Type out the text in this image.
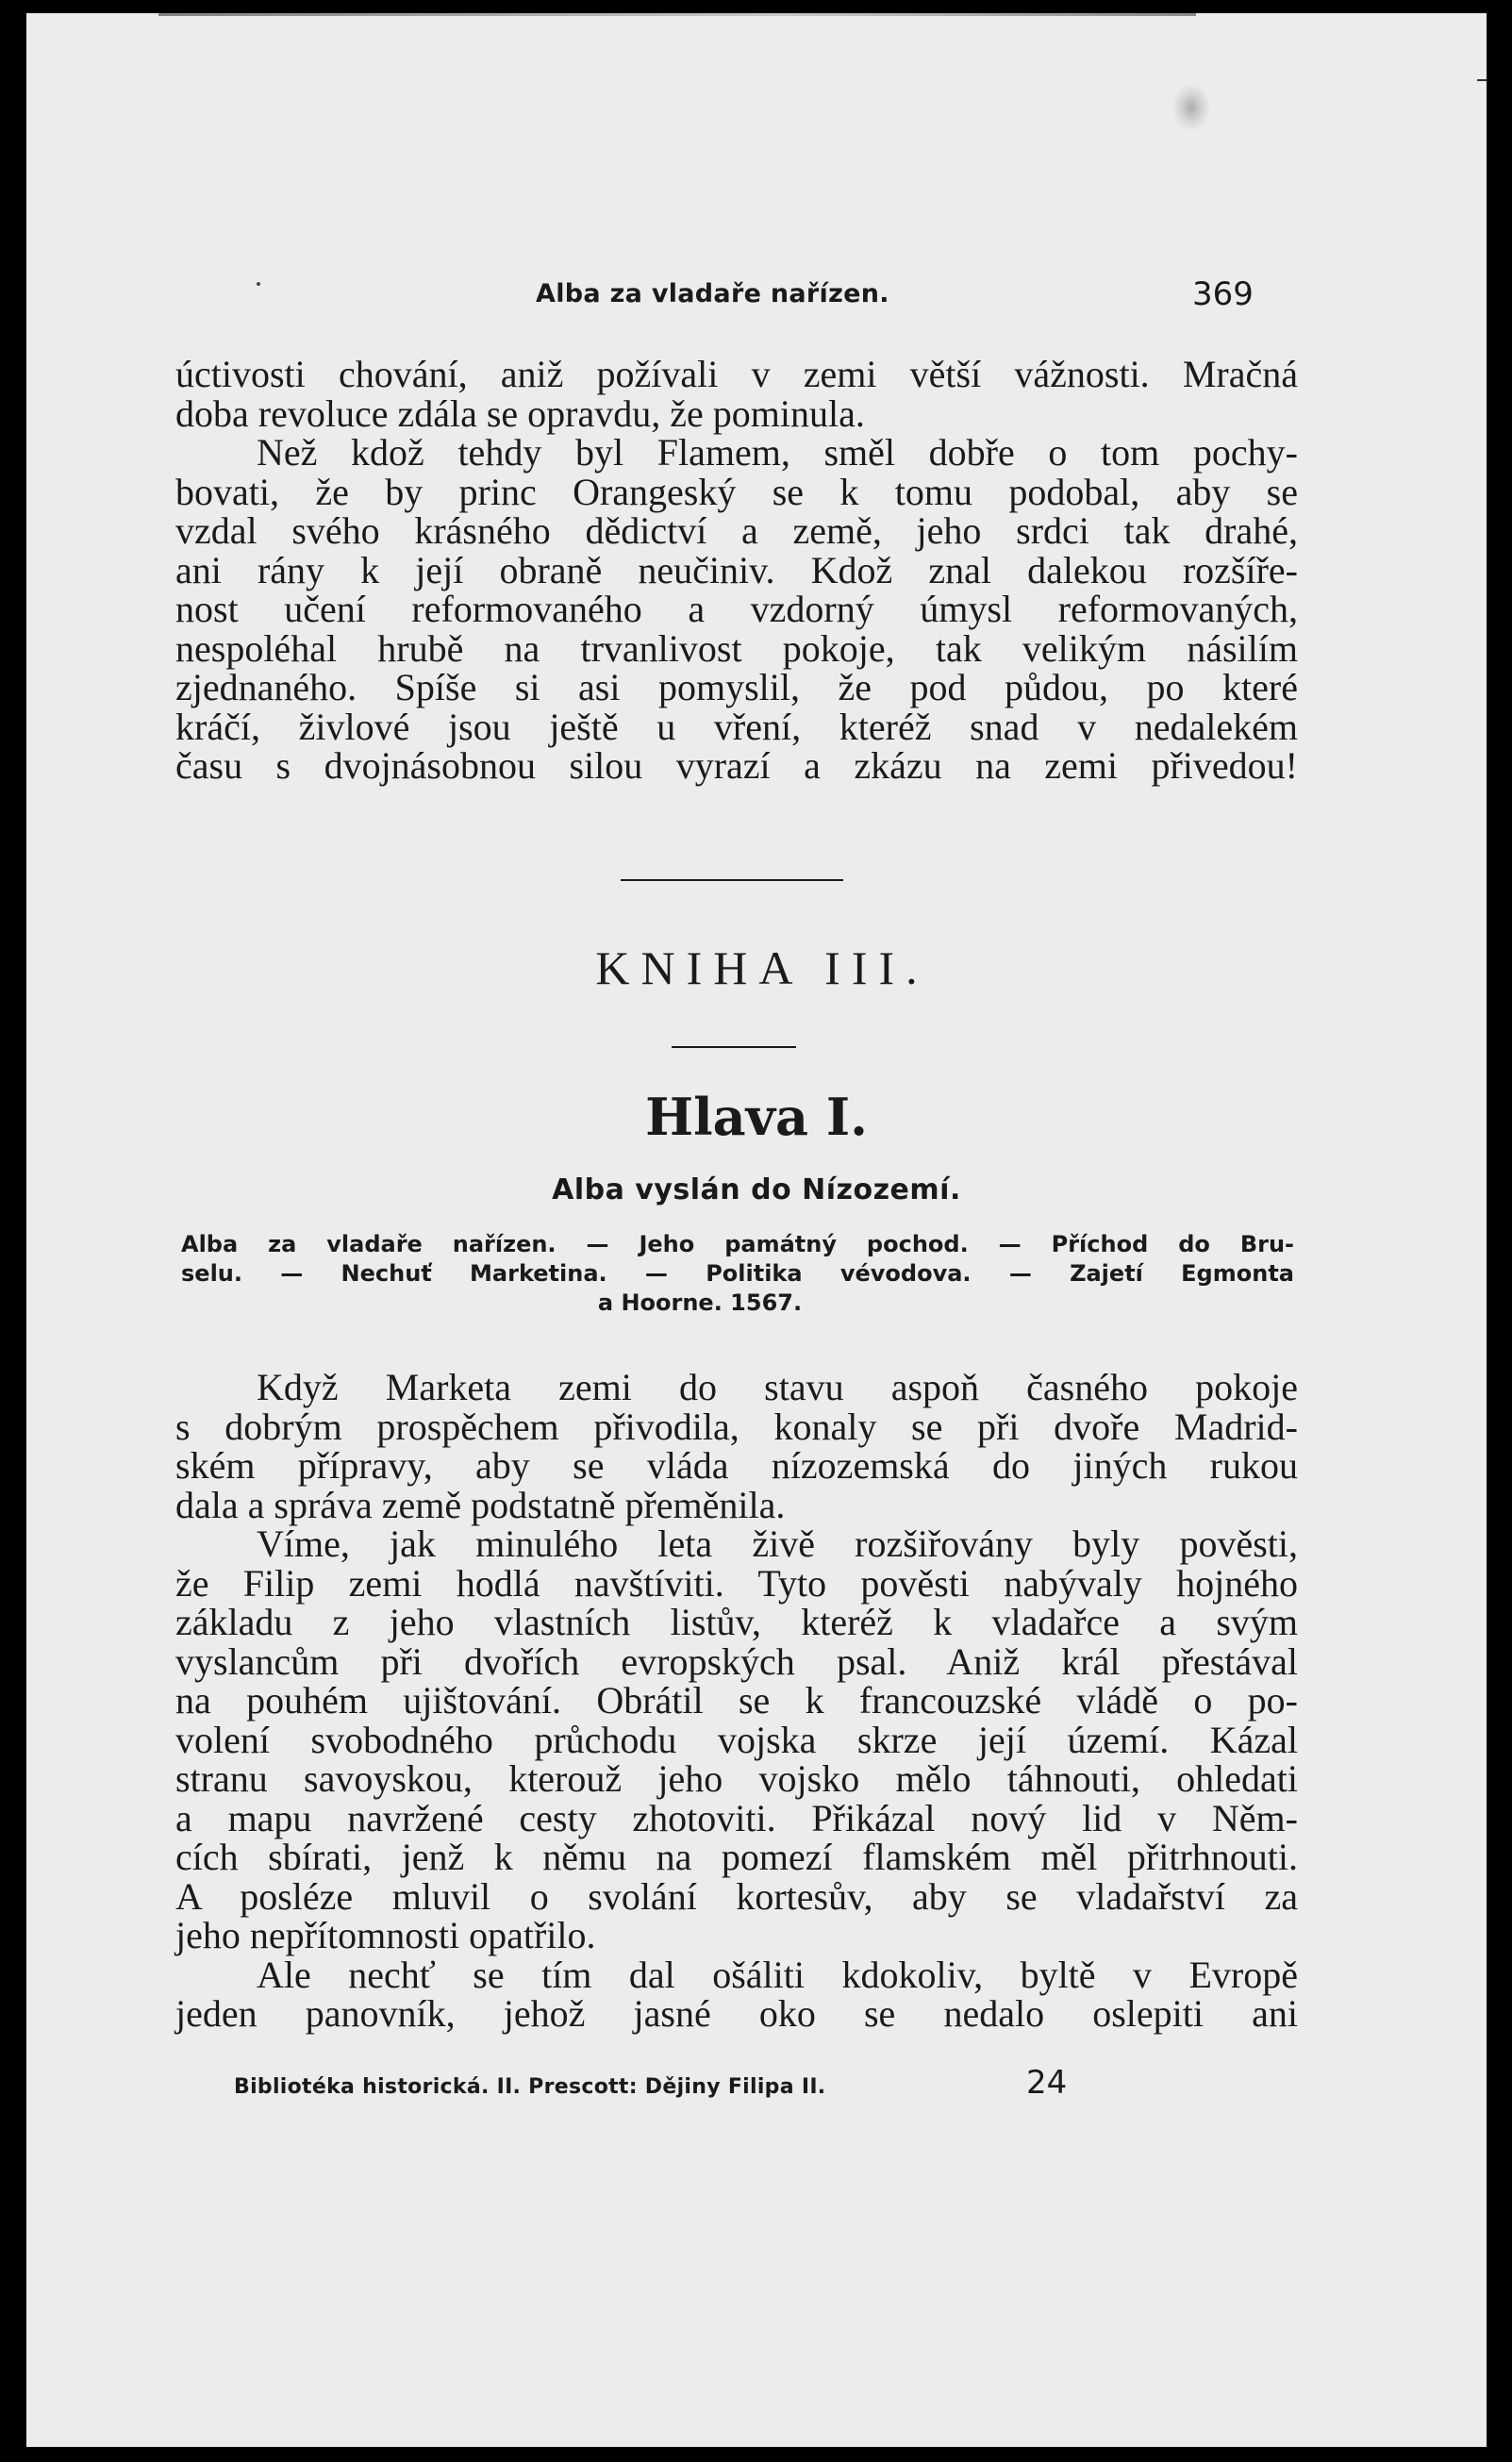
Alba za vladaře nařízen.	369

úctivosti chování, aniž požívali v zemi větší vážnosti. Mračná
doba revoluce zdála se opravdu, že pominula.

Než kdož tehdy byl Flamem, směl dobře o tom pochy-
bovati, že by princ Orangeský se k tomu podobal, aby se
vzdal svého krásného dědictví a země, jeho srdci tak drahé,
ani rány k její obraně neučiniv. Kdož znal dalekou rozšíře-
nost učení reformovaného a vzdorný úmysl reformovaných,
nespoléhal hrubě na trvanlivost pokoje, tak velikým násilím
zjednaného. Spíše si asi pomyslil, že pod půdou, po které
kráčí, živlové jsou ještě u vření, kteréž snad v nedalekém
času s dvojnásobnou silou vyrazí a zkázu na zemi přivedou!

KNIHA III.
Hlava I.
Alba vyslán do Nízozemí.
Alba za vladaře nařízen. — Jeho památný pochod. — Příchod do Bru-
selu. — Nechuť Marketina. — Politika vévodova. — Zajetí Egmonta
a Hoorne. 1567.

Když Marketa zemi do stavu aspoň časného pokoje
s dobrým prospěchem přivodila, konaly se při dvoře Madrid-
ském přípravy, aby se vláda nízozemská do jiných rukou
dala a správa země podstatně přeměnila.

Víme, jak minulého leta živě rozšiřovány byly pověsti,
že Filip zemi hodlá navštíviti. Tyto pověsti nabývaly hojného
základu z jeho vlastních listův, kteréž k vladařce a svým
vyslancům při dvořích evropských psal. Aniž král přestával
na pouhém ujištování. Obrátil se k francouzské vládě o po-
volení svobodného průchodu vojska skrze její území. Kázal
stranu savoyskou, kterouž jeho vojsko mělo táhnouti, ohledati
a mapu navržené cesty zhotoviti. Přikázal nový lid v Něm-
cích sbírati, jenž k němu na pomezí flamském měl přitrhnouti.
A posléze mluvil o svolání kortesův, aby se vladařství za
jeho nepřítomnosti opatřilo.

Ale nechť se tím dal ošáliti kdokoliv, byltě v Evropě
jeden panovník, jehož jasné oko se nedalo oslepiti ani

Bibliotéka historická. II. Prescott: Dějiny Filipa II.	24
